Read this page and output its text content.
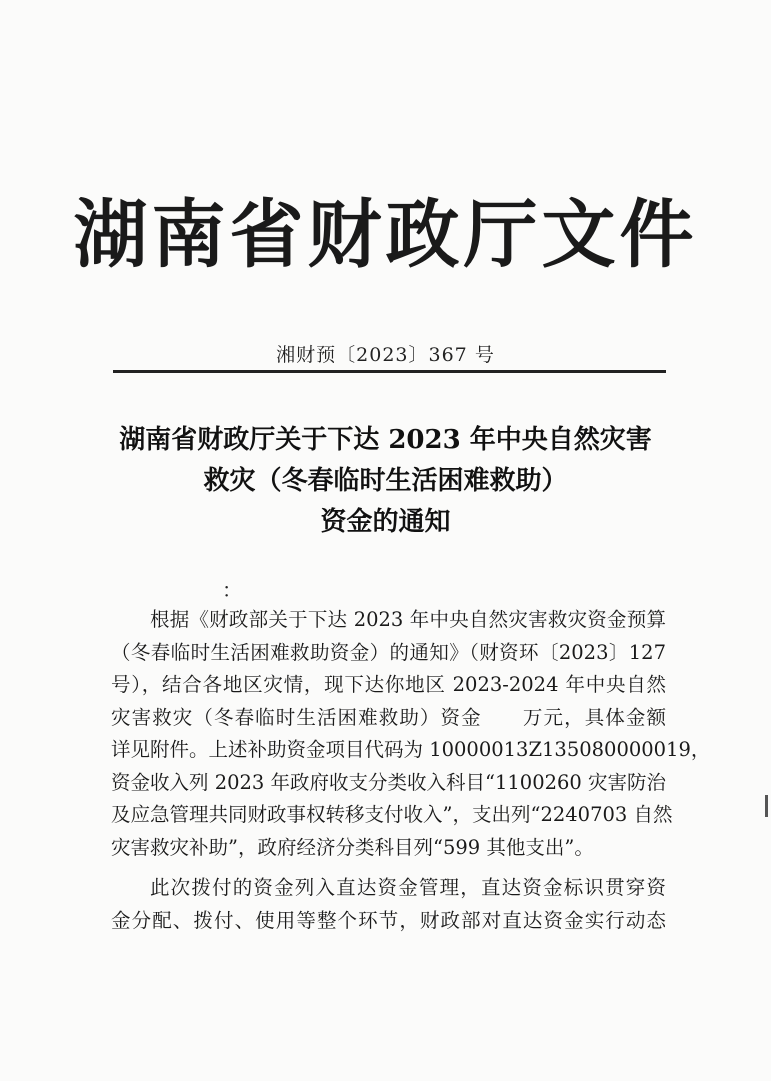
湖南省财政厅文件
湘财预〔2023〕367 号
湖南省财政厅关于下达 2023 年中央自然灾害
救灾（冬春临时生活困难救助）
资金的通知
：
根据《财政部关于下达 2023 年中央自然灾害救灾资金预算
（冬春临时生活困难救助资金）的通知》（财资环〔2023〕127
号），结合各地区灾情，现下达你地区 2023-2024 年中央自然
灾害救灾（冬春临时生活困难救助）资金　　万元，具体金额
详见附件。上述补助资金项目代码为 10000013Z135080000019，
资金收入列 2023 年政府收支分类收入科目“1100260 灾害防治
及应急管理共同财政事权转移支付收入”，支出列“2240703 自然
灾害救灾补助”，政府经济分类科目列“599 其他支出”。
此次拨付的资金列入直达资金管理，直达资金标识贯穿资
金分配、拨付、使用等整个环节，财政部对直达资金实行动态
